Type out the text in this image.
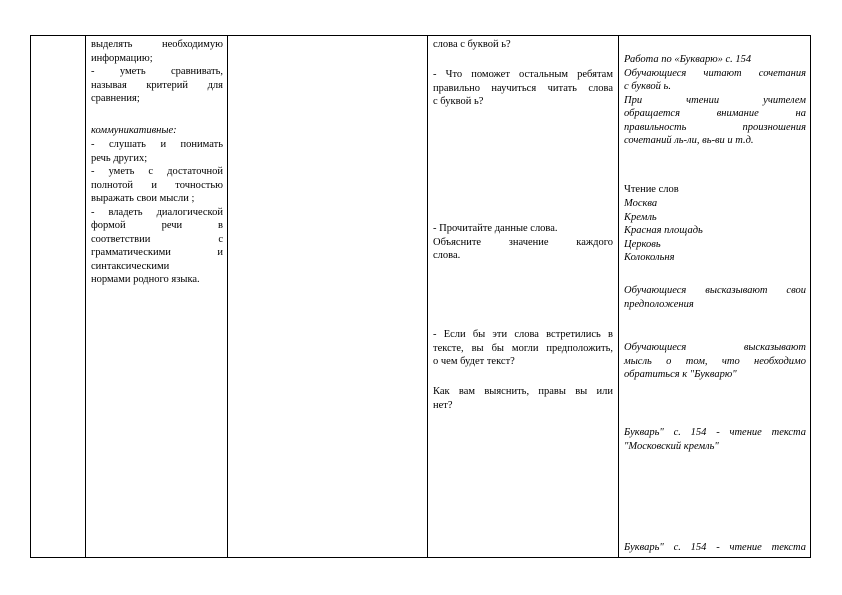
выделять необходимую

информацию;

- уметь сравнивать,

называя критерий для

сравнения;

коммуникативные:

- слушать и понимать

речь других;

- уметь с достаточной

полнотой и точностью

выражать свои мысли ;

- владеть диалогической

формой речи в

соответствии с

грамматическими и

синтаксическими

нормами родного языка.

слова с буквой ь?

- Что поможет остальным ребятам

правильно научиться читать слова

с буквой ь?

- Прочитайте данные слова.

Объясните значение каждого

слова.

- Если бы эти слова встретились в

тексте, вы бы могли предположить,

о чем будет текст?

Как вам выяснить, правы вы или

нет?

Работа по «Букварю» с. 154

Обучающиеся читают сочетания

с буквой ь.

При чтении учителем

обращается внимание на

правильность произношения

сочетаний ль-ли, вь-ви и т.д.

Чтение слов

Москва

Кремль

Красная площадь

Церковь

Колокольня

Обучающиеся высказывают свои

предположения

Обучающиеся высказывают

мысль о том, что необходимо

обратиться к "Букварю"

Букварь" с. 154 - чтение текста

"Московский кремль"

Букварь" с. 154 - чтение текста
